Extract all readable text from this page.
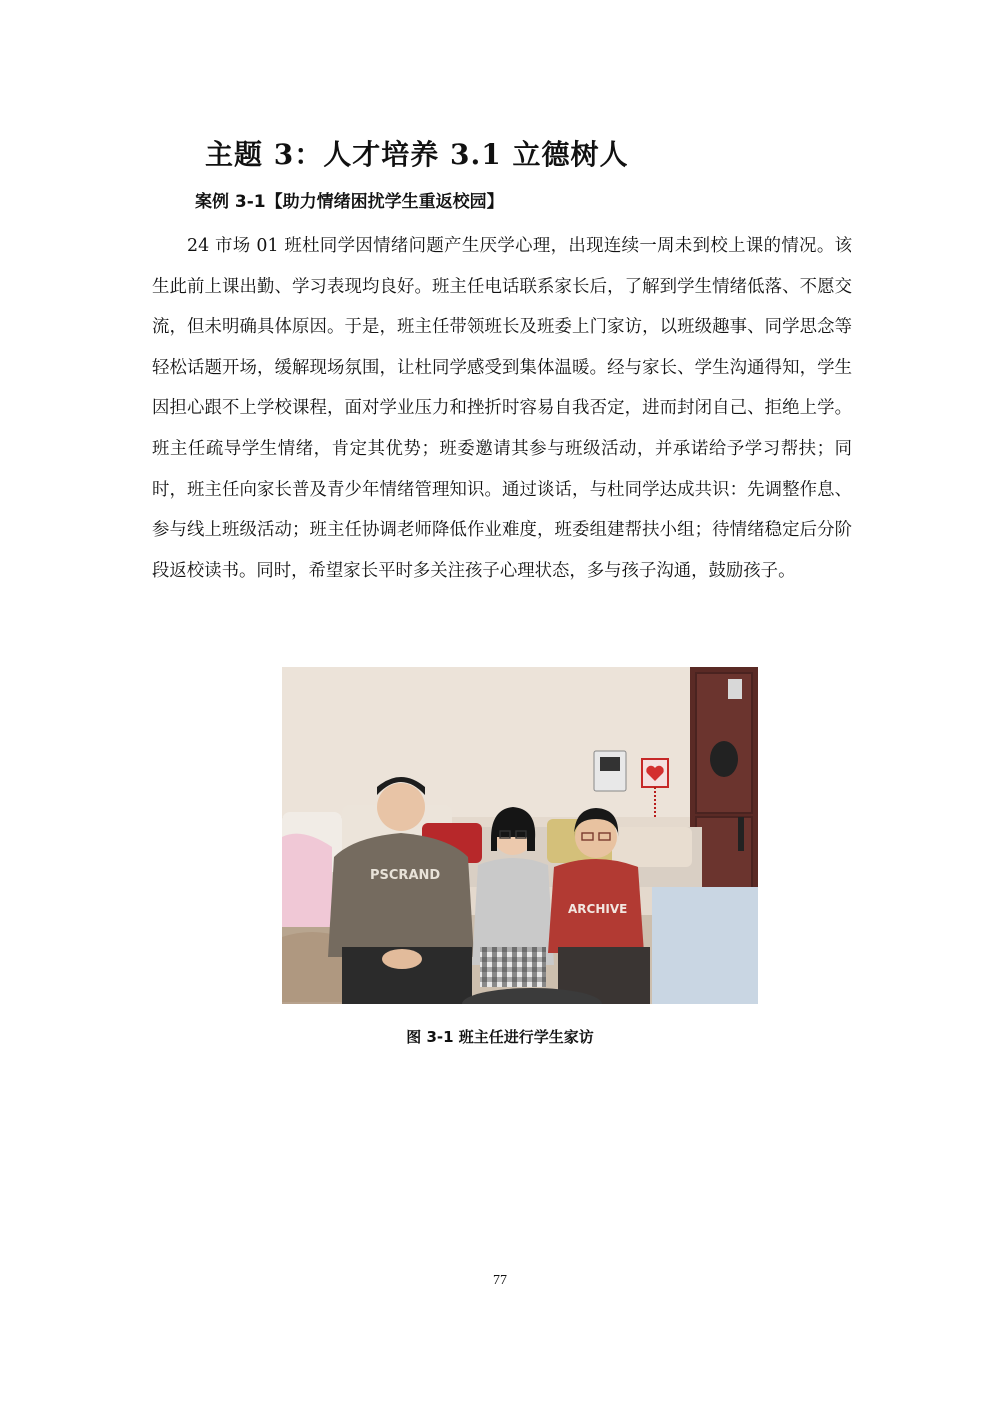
主题 3：人才培养 3.1 立德树人
案例 3-1【助力情绪困扰学生重返校园】

24 市场 01 班杜同学因情绪问题产生厌学心理，出现连续一周未到校上课的情况。该生此前上课出勤、学习表现均良好。班主任电话联系家长后，了解到学生情绪低落、不愿交流，但未明确具体原因。于是，班主任带领班长及班委上门家访，以班级趣事、同学思念等轻松话题开场，缓解现场氛围，让杜同学感受到集体温暖。经与家长、学生沟通得知，学生因担心跟不上学校课程，面对学业压力和挫折时容易自我否定，进而封闭自己、拒绝上学。班主任疏导学生情绪，肯定其优势；班委邀请其参与班级活动，并承诺给予学习帮扶；同时，班主任向家长普及青少年情绪管理知识。通过谈话，与杜同学达成共识：先调整作息、参与线上班级活动；班主任协调老师降低作业难度，班委组建帮扶小组；待情绪稳定后分阶段返校读书。同时，希望家长平时多关注孩子心理状态，多与孩子沟通，鼓励孩子。

PSCRAND
ARCHIVE
图 3-1 班主任进行学生家访
77
